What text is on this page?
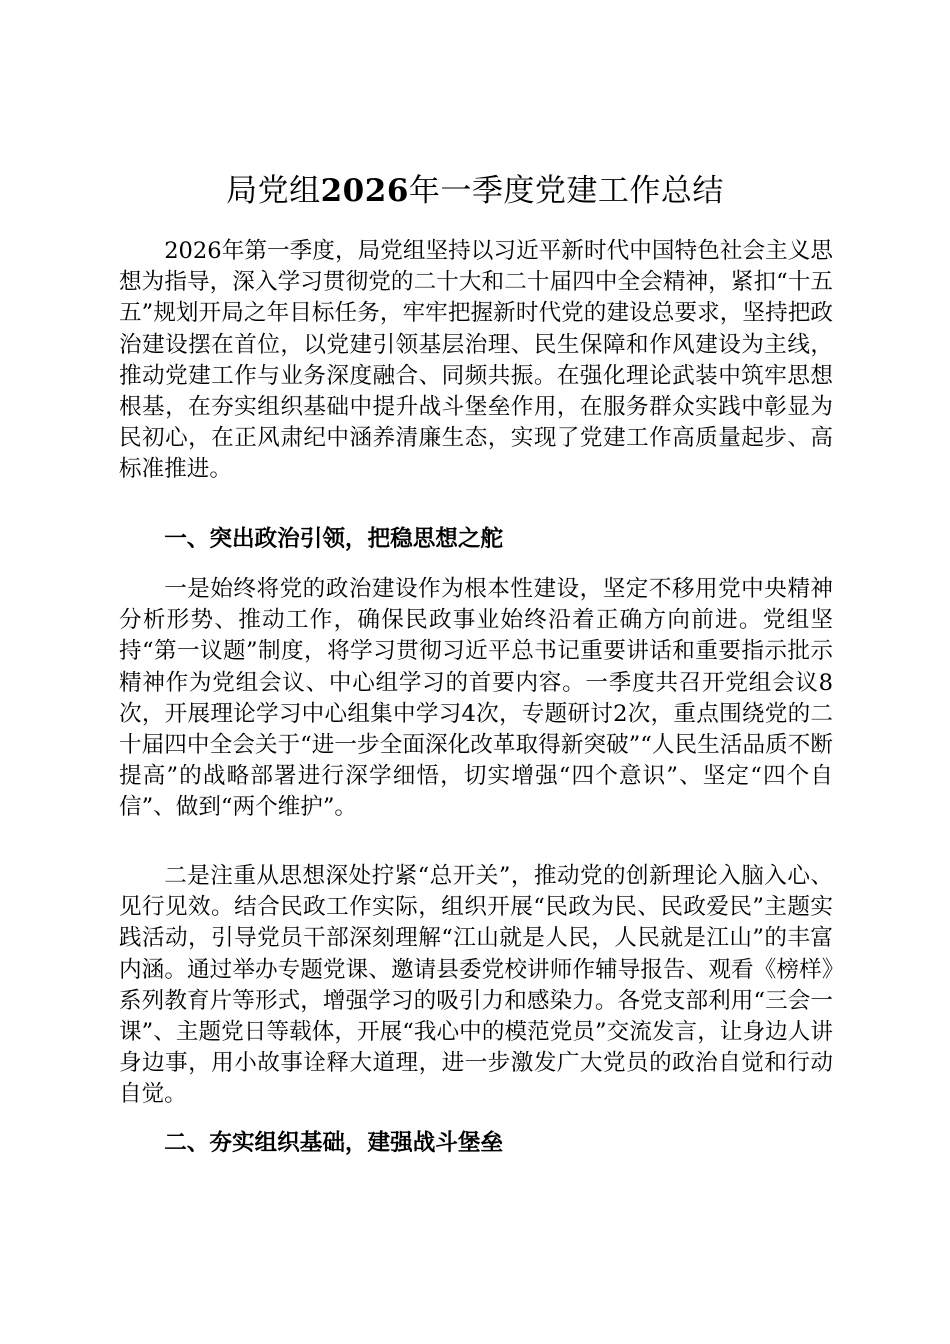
局党组2026年一季度党建工作总结

2026年第一季度，局党组坚持以习近平新时代中国特色社会主义思想为指导，深入学习贯彻党的二十大和二十届四中全会精神，紧扣“十五五”规划开局之年目标任务，牢牢把握新时代党的建设总要求，坚持把政治建设摆在首位，以党建引领基层治理、民生保障和作风建设为主线，推动党建工作与业务深度融合、同频共振。在强化理论武装中筑牢思想根基，在夯实组织基础中提升战斗堡垒作用，在服务群众实践中彰显为民初心，在正风肃纪中涵养清廉生态，实现了党建工作高质量起步、高标准推进。

一、突出政治引领，把稳思想之舵

一是始终将党的政治建设作为根本性建设，坚定不移用党中央精神分析形势、推动工作，确保民政事业始终沿着正确方向前进。党组坚持“第一议题”制度，将学习贯彻习近平总书记重要讲话和重要指示批示精神作为党组会议、中心组学习的首要内容。一季度共召开党组会议8次，开展理论学习中心组集中学习4次，专题研讨2次，重点围绕党的二十届四中全会关于“进一步全面深化改革取得新突破”“人民生活品质不断提高”的战略部署进行深学细悟，切实增强“四个意识”、坚定“四个自信”、做到“两个维护”。

二是注重从思想深处拧紧“总开关”，推动党的创新理论入脑入心、见行见效。结合民政工作实际，组织开展“民政为民、民政爱民”主题实践活动，引导党员干部深刻理解“江山就是人民，人民就是江山”的丰富内涵。通过举办专题党课、邀请县委党校讲师作辅导报告、观看《榜样》系列教育片等形式，增强学习的吸引力和感染力。各党支部利用“三会一课”、主题党日等载体，开展“我心中的模范党员”交流发言，让身边人讲身边事，用小故事诠释大道理，进一步激发广大党员的政治自觉和行动自觉。

二、夯实组织基础，建强战斗堡垒
